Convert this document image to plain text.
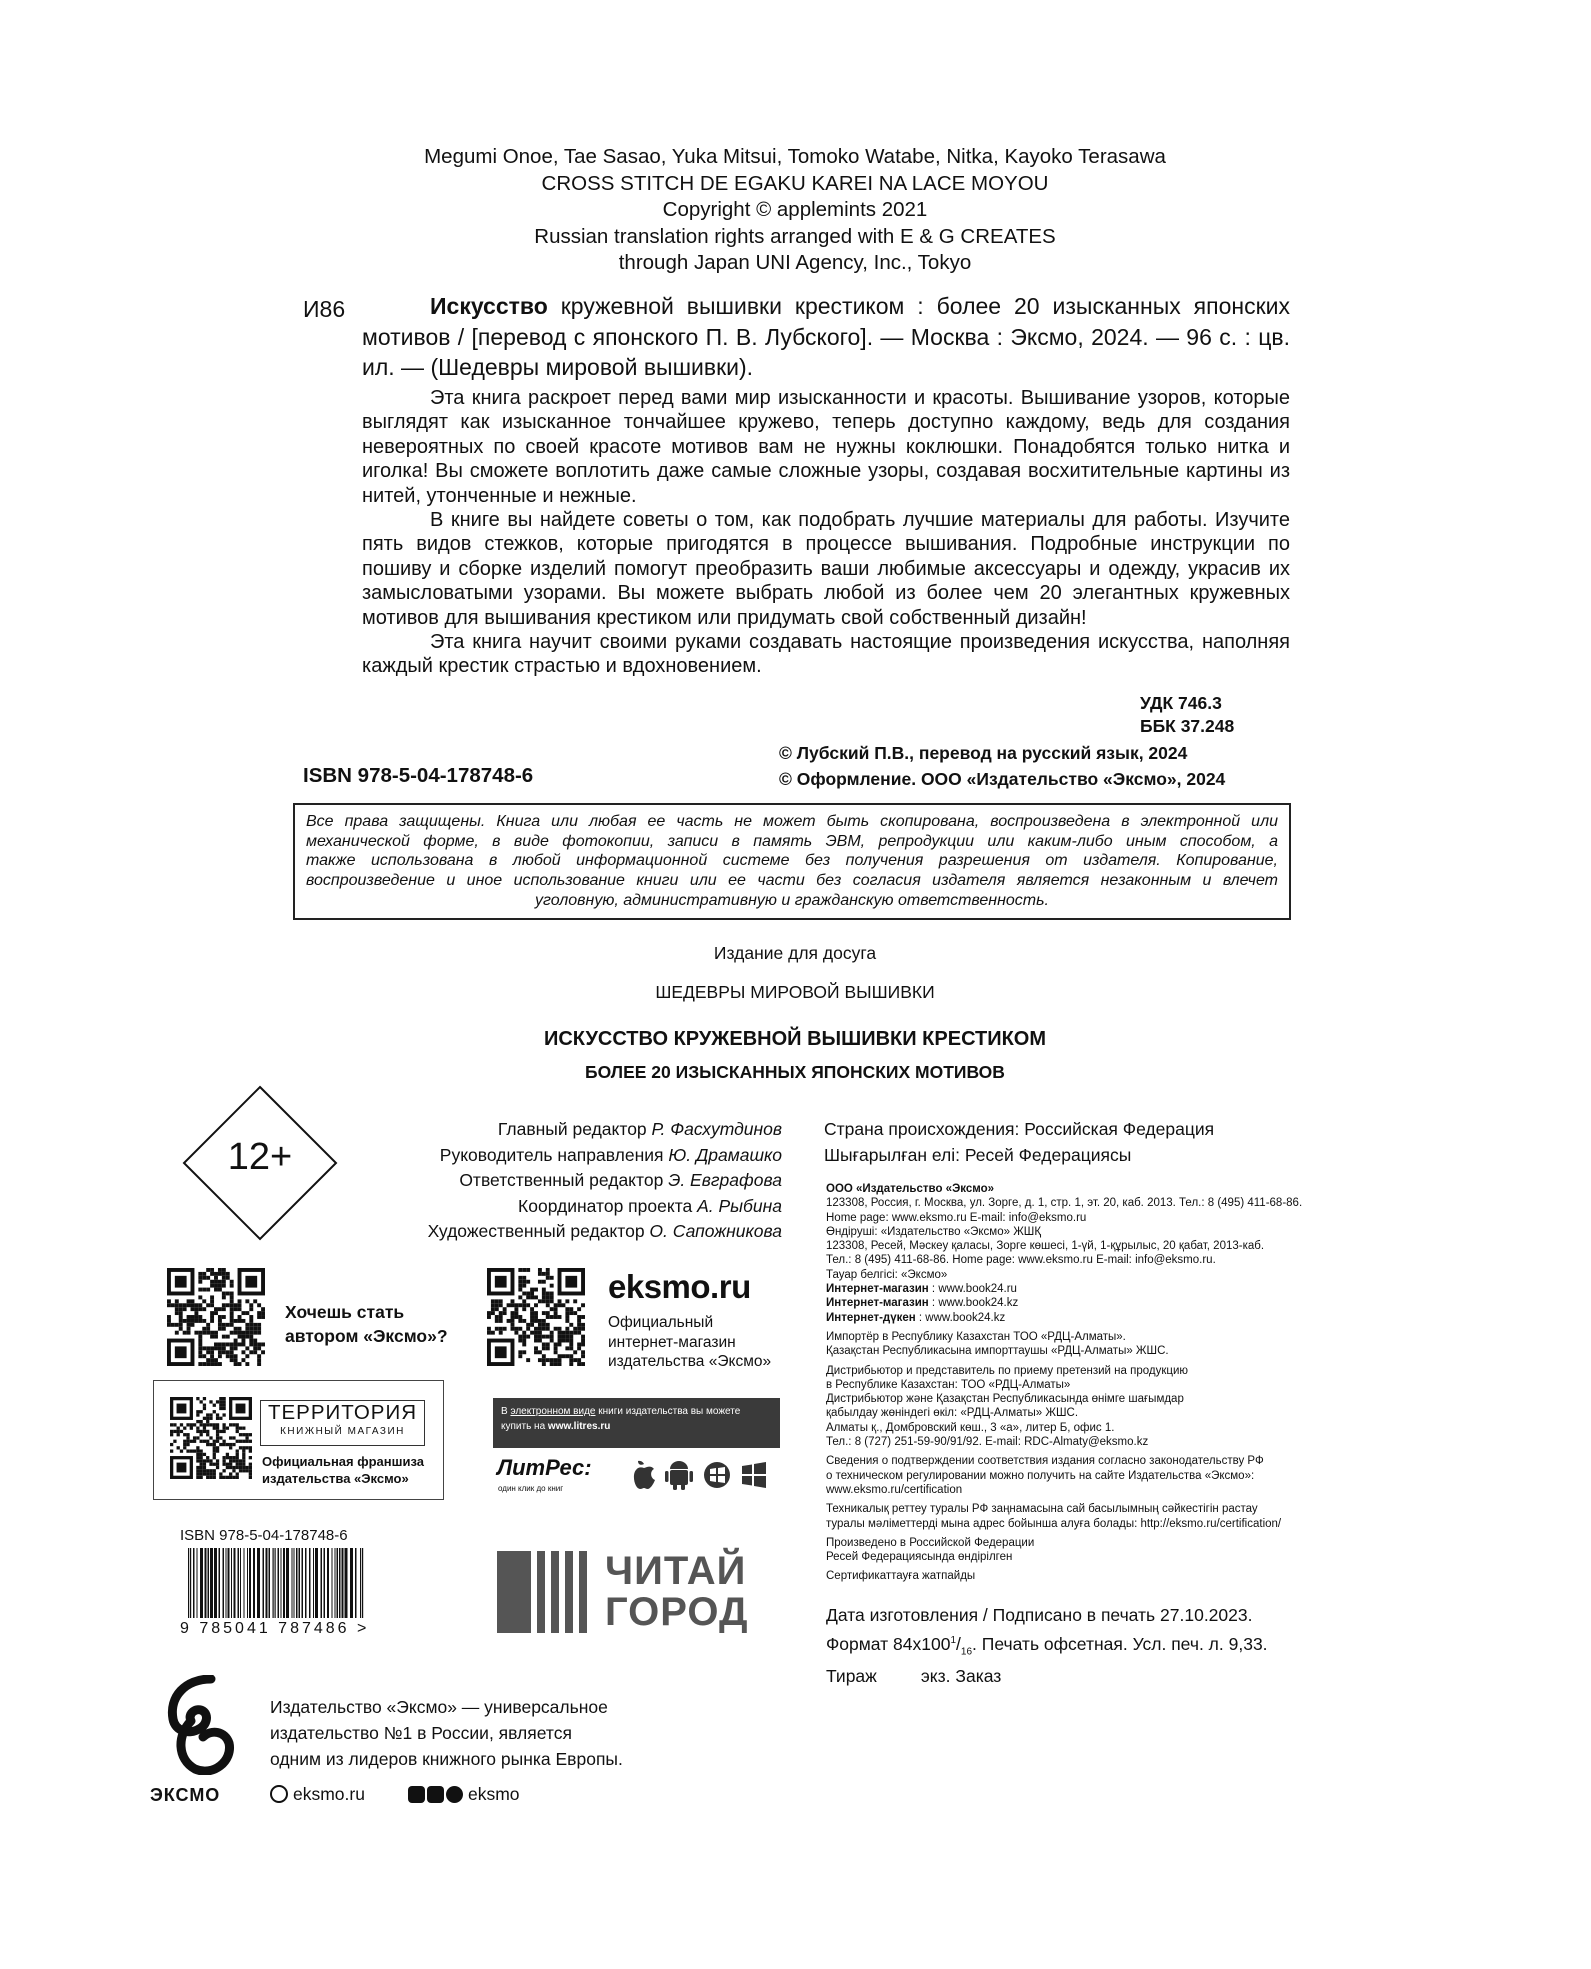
Megumi Onoe, Tae Sasao, Yuka Mitsui, Tomoko Watabe, Nitka, Kayoko Terasawa
CROSS STITCH DE EGAKU KAREI NA LACE MOYOU
Copyright © applemints 2021
Russian translation rights arranged with E & G CREATES
through Japan UNI Agency, Inc., Tokyo
И86	Искусство кружевной вышивки крестиком : более 20 изысканных японских мотивов / [перевод с японского П. В. Лубского]. — Москва : Эксмо, 2024. — 96 с. : цв. ил. — (Шедевры мировой вышивки).

Эта книга раскроет перед вами мир изысканности и красоты. Вышивание узоров, которые выглядят как изысканное тончайшее кружево, теперь доступно каждому, ведь для создания невероятных по своей красоте мотивов вам не нужны коклюшки. Понадобятся только нитка и иголка! Вы сможете воплотить даже самые сложные узоры, создавая восхитительные картины из нитей, утонченные и нежные.

В книге вы найдете советы о том, как подобрать лучшие материалы для работы. Изучите пять видов стежков, которые пригодятся в процессе вышивания. Подробные инструкции по пошиву и сборке изделий помогут преобразить ваши любимые аксессуары и одежду, украсив их замысловатыми узорами. Вы можете выбрать любой из более чем 20 элегантных кружевных мотивов для вышивания крестиком или придумать свой собственный дизайн!

Эта книга научит своими руками создавать настоящие произведения искусства, наполняя каждый крестик страстью и вдохновением.

УДК 746.3
ББК 37.248
ISBN 978-5-04-178748-6
© Лубский П.В., перевод на русский язык, 2024
© Оформление. ООО «Издательство «Эксмо», 2024
Все права защищены. Книга или любая ее часть не может быть скопирована, воспроизведена в электронной или
механической форме, в виде фотокопии, записи в память ЭВМ, репродукции или каким-либо иным способом, а
также использована в любой информационной системе без получения разрешения от издателя. Копирование,
воспроизведение и иное использование книги или ее части без согласия издателя является незаконным и влечет
уголовную, административную и гражданскую ответственность.
Издание для досуга
ШЕДЕВРЫ МИРОВОЙ ВЫШИВКИ
ИСКУССТВО КРУЖЕВНОЙ ВЫШИВКИ КРЕСТИКОМ
БОЛЕЕ 20 ИЗЫСКАННЫХ ЯПОНСКИХ МОТИВОВ
12+
Главный редактор Р. Фасхутдинов
Руководитель направления Ю. Драмашко
Ответственный редактор Э. Евграфова
Координатор проекта А. Рыбина
Художественный редактор О. Сапожникова
Страна происхождения: Российская Федерация
Шығарылған елі: Ресей Федерациясы
ООО «Издательство «Эксмо»
123308, Россия, г. Москва, ул. Зорге, д. 1, стр. 1, эт. 20, каб. 2013. Тел.: 8 (495) 411-68-86.
Home page: www.eksmo.ru E-mail: info@eksmo.ru
Өндіруші: «Издательство «Эксмо» ЖШҚ
123308, Ресей, Мәскеу қаласы, Зорге көшесі, 1-үй, 1-құрылыс, 20 қабат, 2013-каб.
Тел.: 8 (495) 411-68-86. Home page: www.eksmo.ru E-mail: info@eksmo.ru.
Тауар белгісі: «Эксмо»
Интернет-магазин : www.book24.ru
Интернет-магазин : www.book24.kz
Интернет-дүкен : www.book24.kz
Импортёр в Республику Казахстан ТОО «РДЦ-Алматы».
Қазақстан Республикасына импорттаушы «РДЦ-Алматы» ЖШС.
Дистрибьютор и представитель по приему претензий на продукцию
в Республике Казахстан: ТОО «РДЦ-Алматы»
Дистрибьютор және Қазақстан Республикасында өнімге шағымдар
қабылдау жөніндегі өкіл: «РДЦ-Алматы» ЖШС.
Алматы қ., Домбровский көш., 3 «а», литер Б, офис 1.
Тел.: 8 (727) 251-59-90/91/92. E-mail: RDC-Almaty@eksmo.kz
Сведения о подтверждении соответствия издания согласно законодательству РФ
о техническом регулировании можно получить на сайте Издательства «Эксмо»:
www.eksmo.ru/certification
Техникалық реттеу туралы РФ заңнамасына сай басылымның сәйкестігін растау
туралы мәліметтерді мына адрес бойынша алуға болады: http://eksmo.ru/certification/
Произведено в Российской Федерации
Ресей Федерациясында өндірілген
Сертификаттауға жатпайды
Дата изготовления / Подписано в печать 27.10.2023.
Формат $84x100^1/_{16}$. Печать офсетная. Усл. печ. л. 9,33.
Тираж	экз. Заказ
Хочешь стать
автором «Эксмо»?
eksmo.ru
Официальный
интернет-магазин
издательства «Эксмо»
ТЕРРИТОРИЯ
КНИЖНЫЙ МАГАЗИН
Официальная франшиза
издательства «Эксмо»
В электронном виде книги издательства вы можете
купить на www.litres.ru
ЛитРес:
один клик до книг
ISBN 978-5-04-178748-6
9 785041 787486 >
ЧИТАЙ
ГОРОД
Издательство «Эксмо» — универсальное
издательство №1 в России, является
одним из лидеров книжного рынка Европы.
ЭКСМО	eksmo.ru	eksmo
